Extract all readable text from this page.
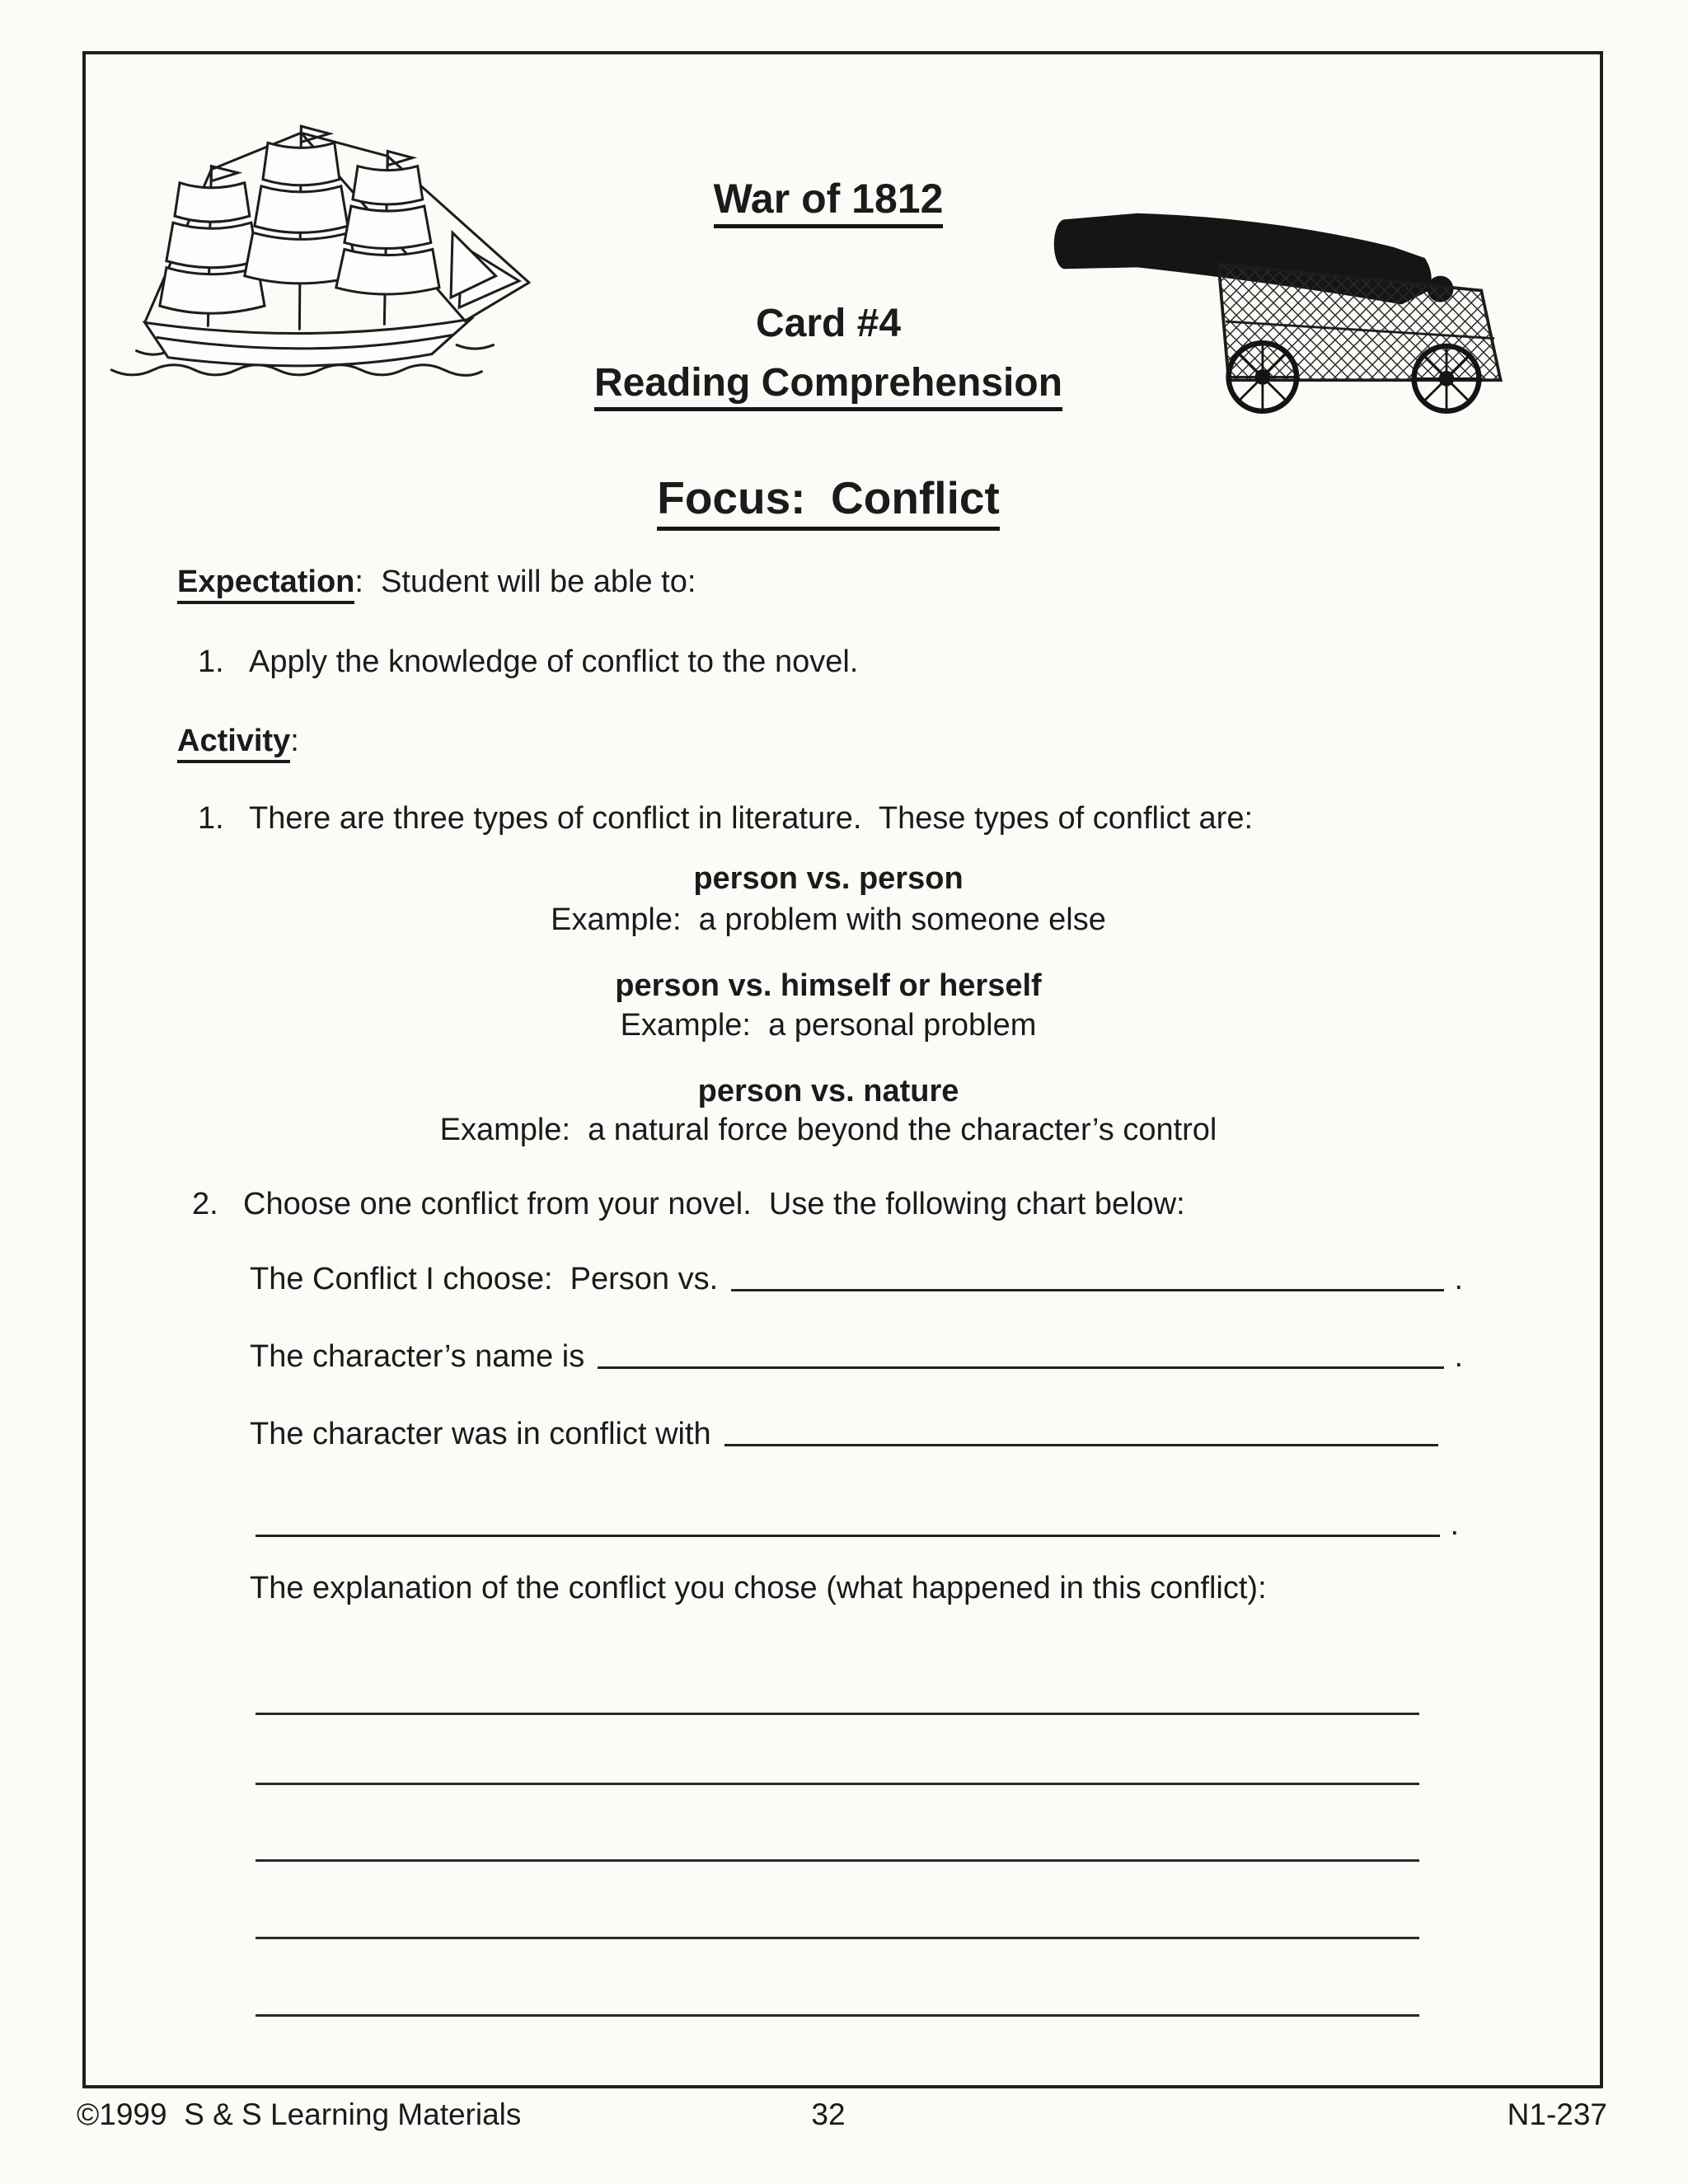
War of 1812
Card #4
Reading Comprehension
Focus:  Conflict
Expectation:  Student will be able to:
1. Apply the knowledge of conflict to the novel.
Activity:
1. There are three types of conflict in literature.  These types of conflict are:
person vs. person
Example:  a problem with someone else
person vs. himself or herself
Example:  a personal problem
person vs. nature
Example:  a natural force beyond the character’s control
2. Choose one conflict from your novel.  Use the following chart below:
The Conflict I choose:  Person vs.	.
The character’s name is	.
The character was in conflict with
.
The explanation of the conflict you chose (what happened in this conflict):
©1999  S & S Learning Materials	32	N1-237
